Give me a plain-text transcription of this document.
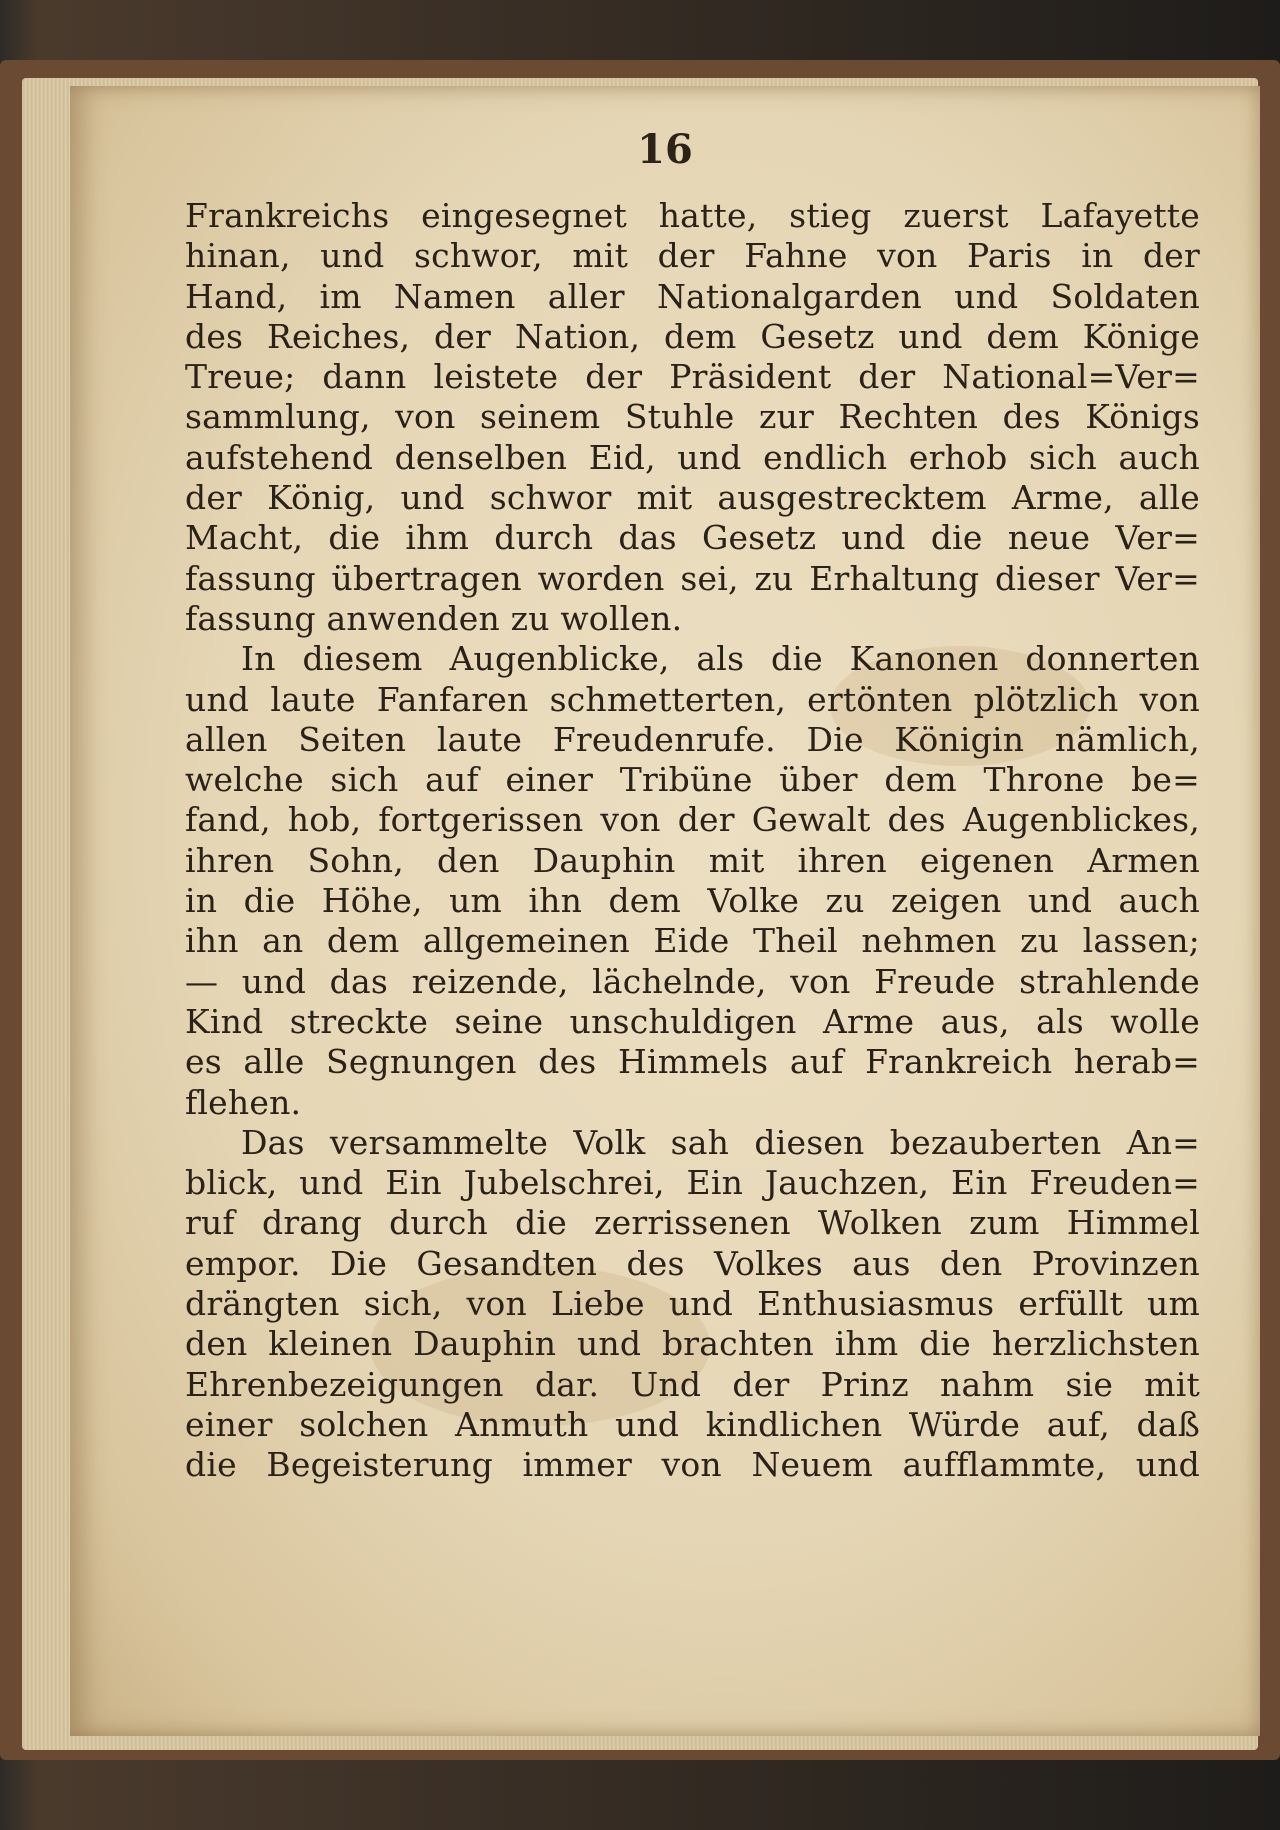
16
Frankreichs eingesegnet hatte, stieg zuerst Lafayette
hinan, und schwor, mit der Fahne von Paris in der
Hand, im Namen aller Nationalgarden und Soldaten
des Reiches, der Nation, dem Gesetz und dem Könige
Treue; dann leistete der Präsident der National=Ver=
sammlung, von seinem Stuhle zur Rechten des Königs
aufstehend denselben Eid, und endlich erhob sich auch
der König, und schwor mit ausgestrecktem Arme, alle
Macht, die ihm durch das Gesetz und die neue Ver=
fassung übertragen worden sei, zu Erhaltung dieser Ver=
fassung anwenden zu wollen.
In diesem Augenblicke, als die Kanonen donnerten
und laute Fanfaren schmetterten, ertönten plötzlich von
allen Seiten laute Freudenrufe. Die Königin nämlich,
welche sich auf einer Tribüne über dem Throne be=
fand, hob, fortgerissen von der Gewalt des Augenblickes,
ihren Sohn, den Dauphin mit ihren eigenen Armen
in die Höhe, um ihn dem Volke zu zeigen und auch
ihn an dem allgemeinen Eide Theil nehmen zu lassen;
— und das reizende, lächelnde, von Freude strahlende
Kind streckte seine unschuldigen Arme aus, als wolle
es alle Segnungen des Himmels auf Frankreich herab=
flehen.
Das versammelte Volk sah diesen bezauberten An=
blick, und Ein Jubelschrei, Ein Jauchzen, Ein Freuden=
ruf drang durch die zerrissenen Wolken zum Himmel
empor. Die Gesandten des Volkes aus den Provinzen
drängten sich, von Liebe und Enthusiasmus erfüllt um
den kleinen Dauphin und brachten ihm die herzlichsten
Ehrenbezeigungen dar. Und der Prinz nahm sie mit
einer solchen Anmuth und kindlichen Würde auf, daß
die Begeisterung immer von Neuem aufflammte, und
